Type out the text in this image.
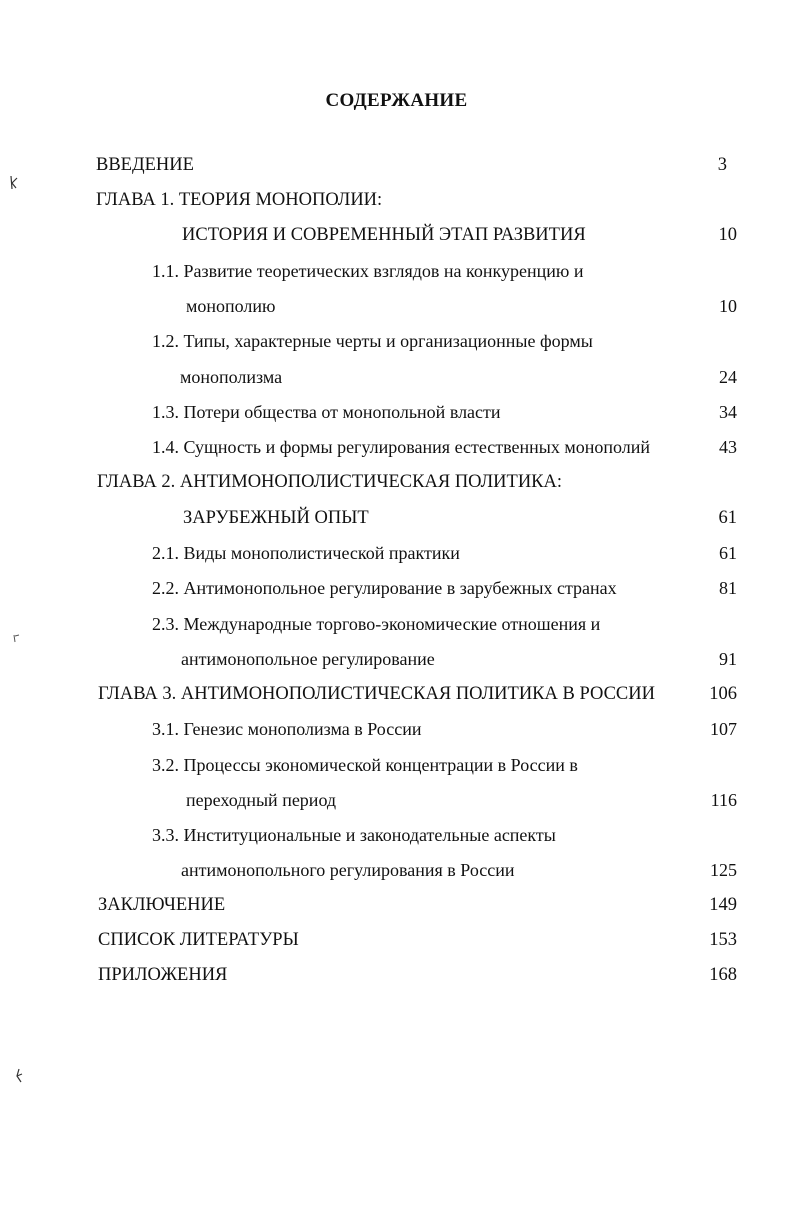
СОДЕРЖАНИЕ
ВВЕДЕНИЕ	3
ГЛАВА 1. ТЕОРИЯ МОНОПОЛИИ:
ИСТОРИЯ И СОВРЕМЕННЫЙ ЭТАП РАЗВИТИЯ	10
1.1. Развитие теоретических взглядов на конкуренцию и
монополию	10
1.2. Типы, характерные черты и организационные формы
монополизма	24
1.3. Потери общества от монопольной власти	34
1.4. Сущность и формы регулирования естественных монополий	43
ГЛАВА 2. АНТИМОНОПОЛИСТИЧЕСКАЯ ПОЛИТИКА:
ЗАРУБЕЖНЫЙ ОПЫТ	61
2.1. Виды монополистической практики	61
2.2. Антимонопольное регулирование в зарубежных странах	81
2.3. Международные торгово-экономические отношения и
антимонопольное регулирование	91
ГЛАВА 3. АНТИМОНОПОЛИСТИЧЕСКАЯ ПОЛИТИКА В РОССИИ	106
3.1. Генезис монополизма в России	107
3.2. Процессы экономической концентрации в России в
переходный период	116
3.3. Институциональные и законодательные аспекты
антимонопольного регулирования в России	125
ЗАКЛЮЧЕНИЕ	149
СПИСОК ЛИТЕРАТУРЫ	153
ПРИЛОЖЕНИЯ	168
